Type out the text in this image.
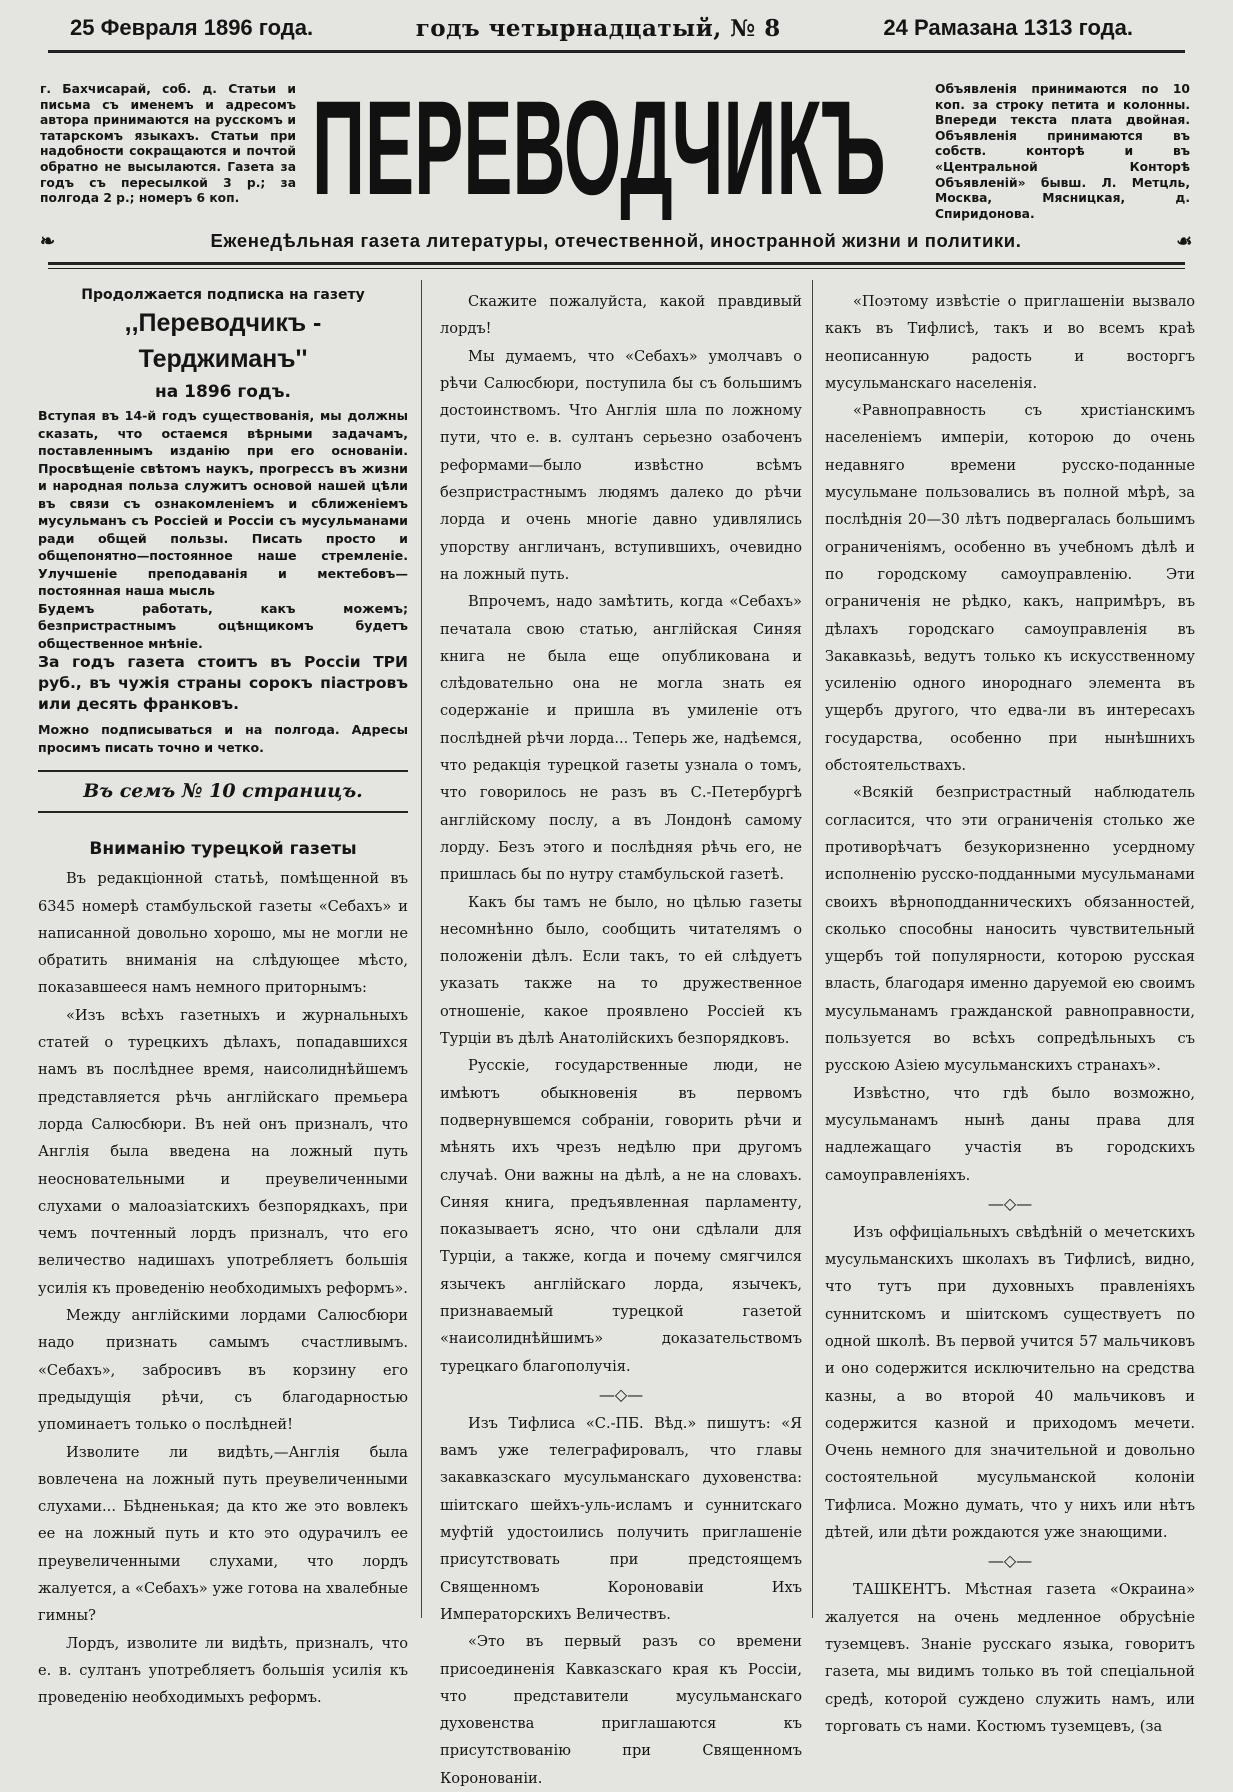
25 Февраля 1896 года.	годъ четырнадцатый, № 8	24 Рамазана 1313 года.
г. Бахчисарай, соб. д. Статьи и письма съ именемъ и адресомъ автора принимаются на русскомъ и татарскомъ языкахъ. Статьи при надобности сокращаются и почтой обратно не высылаются. Газета за годъ съ пересылкой 3 р.; за полгода 2 р.; номеръ 6 коп. ПЕРЕВОДЧИКЪ	Объявленія принимаются по 10 коп. за строку петита и колонны. Впереди текста плата двойная. Объявленія принимаются въ собств. конторѣ и въ «Центральной Конторѣ Объявленій» бывш. Л. Метцль, Москва, Мясницкая, д. Спиридонова.
❧	Еженедѣльная газета литературы, отечественной, иностранной жизни и политики.	☙
Продолжается подписка на газету
,,Переводчикъ - Терджиманъ''
на 1896 годъ.
Вступая въ 14-й годъ существованія, мы должны сказать, что остаемся вѣрными задачамъ, поставленнымъ изданію при его основаніи. Просвѣщеніе свѣтомъ наукъ, прогрессъ въ жизни и народная польза служитъ основой нашей цѣли въ связи съ ознакомленіемъ и сближеніемъ мусульманъ съ Россіей и Россіи съ мусульманами ради общей пользы. Писать просто и общепонятно—постоянное наше стремленіе. Улучшеніе преподаванія и мектебовъ—постоянная наша мысль
Будемъ работать, какъ можемъ; безпристрастнымъ оцѣнщикомъ будетъ общественное мнѣніе.
За годъ газета стоитъ въ Россіи ТРИ руб., въ чужія страны сорокъ піастровъ или десять франковъ.
Можно подписываться и на полгода. Адресы просимъ писать точно и четко.
Въ семъ № 10 страницъ.
Вниманію турецкой газеты

Въ редакціонной статьѣ, помѣщенной въ 6345 номерѣ стамбульской газеты «Себахъ» и написанной довольно хорошо, мы не могли не обратить вниманія на слѣдующее мѣсто, показавшееся намъ немного приторнымъ:

«Изъ всѣхъ газетныхъ и журнальныхъ статей о турецкихъ дѣлахъ, попадавшихся намъ въ послѣднее время, наисолиднѣйшемъ представляется рѣчь англійскаго премьера лорда Салюсбюри. Въ ней онъ призналъ, что Англія была введена на ложный путь неосновательными и преувеличенными слухами о малоазіатскихъ безпорядкахъ, при чемъ почтенный лордъ призналъ, что его величество надишахъ употребляетъ большія усилія къ проведенію необходимыхъ реформъ».

Между англійскими лордами Салюсбюри надо признать самымъ счастливымъ. «Себахъ», забросивъ въ корзину его предыдущія рѣчи, съ благодарностью упоминаетъ только о послѣдней!

Изволите ли видѣть,—Англія была вовлечена на ложный путь преувеличенными слухами... Бѣдненькая; да кто же это вовлекъ ее на ложный путь и кто это одурачилъ ее преувеличенными слухами, что лордъ жалуется, а «Себахъ» уже готова на хвалебные гимны?

Лордъ, изволите ли видѣть, призналъ, что е. в. султанъ употребляетъ большія усилія къ проведенію необходимыхъ реформъ.

Скажите пожалуйста, какой правдивый лордъ!

Мы думаемъ, что «Себахъ» умолчавъ о рѣчи Салюсбюри, поступила бы съ большимъ достоинствомъ. Что Англія шла по ложному пути, что е. в. султанъ серьезно озабоченъ реформами—было извѣстно всѣмъ безпристрастнымъ людямъ далеко до рѣчи лорда и очень многіе давно удивлялись упорству англичанъ, вступившихъ, очевидно на ложный путь.

Впрочемъ, надо замѣтить, когда «Себахъ» печатала свою статью, англійская Синяя книга не была еще опубликована и слѣдовательно она не могла знать ея содержаніе и пришла въ умиленіе отъ послѣдней рѣчи лорда... Теперь же, надѣемся, что редакція турецкой газеты узнала о томъ, что говорилось не разъ въ С.-Петербургѣ англійскому послу, а въ Лондонѣ самому лорду. Безъ этого и послѣдняя рѣчь его, не пришлась бы по нутру стамбульской газетѣ.

Какъ бы тамъ не было, но цѣлью газеты несомнѣнно было, сообщить читателямъ о положеніи дѣлъ. Если такъ, то ей слѣдуетъ указать также на то дружественное отношеніе, какое проявлено Россіей къ Турціи въ дѣлѣ Анатолійскихъ безпорядковъ.

Русскіе, государственные люди, не имѣютъ обыкновенія въ первомъ подвернувшемся собраніи, говорить рѣчи и мѣнять ихъ чрезъ недѣлю при другомъ случаѣ. Они важны на дѣлѣ, а не на словахъ. Синяя книга, предъявленная парламенту, показываетъ ясно, что они сдѣлали для Турціи, а также, когда и почему смягчился язычекъ англійскаго лорда, язычекъ, признаваемый турецкой газетой «наисолиднѣйшимъ» доказательствомъ турецкаго благополучія.

—◇—

Изъ Тифлиса «С.-ПБ. Вѣд.» пишутъ: «Я вамъ уже телеграфировалъ, что главы закавказскаго мусульманскаго духовенства: шіитскаго шейхъ-уль-исламъ и суннитскаго муфтій удостоились получить приглашеніе присутствовать при предстоящемъ Священномъ Короновавіи Ихъ Императорскихъ Величествъ.

«Это въ первый разъ со времени присоединенія Кавказскаго края къ Россіи, что представители мусульманскаго духовенства приглашаются къ присутствованію при Священномъ Коронованіи.

«Поэтому извѣстіе о приглашеніи вызвало какъ въ Тифлисѣ, такъ и во всемъ краѣ неописанную радость и восторгъ мусульманскаго населенія.

«Равноправность съ христіанскимъ населеніемъ имперіи, которою до очень недавняго времени русско-поданные мусульмане пользовались въ полной мѣрѣ, за послѣднія 20—30 лѣтъ подвергалась большимъ ограниченіямъ, особенно въ учебномъ дѣлѣ и по городскому самоуправленію. Эти ограниченія не рѣдко, какъ, напримѣръ, въ дѣлахъ городскаго самоуправленія въ Закавказьѣ, ведутъ только къ искусственному усиленію одного инороднаго элемента въ ущербъ другого, что едва-ли въ интересахъ государства, особенно при нынѣшнихъ обстоятельствахъ.

«Всякій безпристрастный наблюдатель согласится, что эти ограниченія столько же противорѣчатъ безукоризненно усердному исполненію русско-подданными мусульманами своихъ вѣрноподданническихъ обязанностей, сколько способны наносить чувствительный ущербъ той популярности, которою русская власть, благодаря именно даруемой ею своимъ мусульманамъ гражданской равноправности, пользуется во всѣхъ сопредѣльныхъ съ русскою Азіею мусульманскихъ странахъ».

Извѣстно, что гдѣ было возможно, мусульманамъ нынѣ даны права для надлежащаго участія въ городскихъ самоуправленіяхъ.

—◇—

Изъ оффиціальныхъ свѣдѣній о мечетскихъ мусульманскихъ школахъ въ Тифлисѣ, видно, что тутъ при духовныхъ правленіяхъ суннитскомъ и шіитскомъ существуетъ по одной школѣ. Въ первой учится 57 мальчиковъ и оно содержится исключительно на средства казны, а во второй 40 мальчиковъ и содержится казной и приходомъ мечети. Очень немного для значительной и довольно состоятельной мусульманской колоніи Тифлиса. Можно думать, что у нихъ или нѣтъ дѣтей, или дѣти рождаются уже знающими.

—◇—

ТАШКЕНТЪ. Мѣстная газета «Окраина» жалуется на очень медленное обрусѣніе туземцевъ. Знаніе русскаго языка, говоритъ газета, мы видимъ только въ той спеціальной средѣ, которой суждено служить намъ, или торговать съ нами. Костюмъ туземцевъ, (за
